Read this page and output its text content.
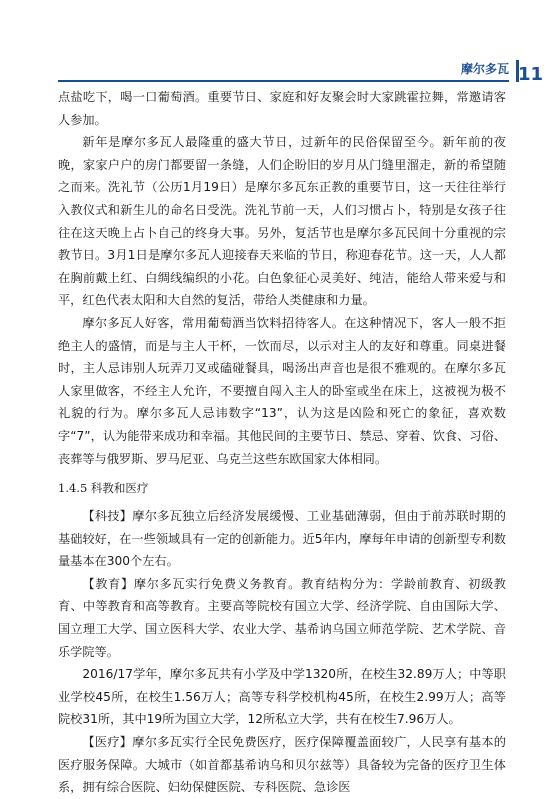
摩尔多瓦 11

点盐吃下，喝一口葡萄酒。重要节日、家庭和好友聚会时大家跳霍拉舞，常邀请客人参加。

新年是摩尔多瓦人最隆重的盛大节日，过新年的民俗保留至今。新年前的夜晚，家家户户的房门都要留一条缝，人们企盼旧的岁月从门缝里溜走，新的希望随之而来。洗礼节（公历1月19日）是摩尔多瓦东正教的重要节日，这一天往往举行入教仪式和新生儿的命名日受洗。洗礼节前一天，人们习惯占卜，特别是女孩子往往在这天晚上占卜自己的终身大事。另外，复活节也是摩尔多瓦民间十分重视的宗教节日。3月1日是摩尔多瓦人迎接春天来临的节日，称迎春花节。这一天，人人都在胸前戴上红、白绸线编织的小花。白色象征心灵美好、纯洁，能给人带来爱与和平，红色代表太阳和大自然的复活，带给人类健康和力量。

摩尔多瓦人好客，常用葡萄酒当饮料招待客人。在这种情况下，客人一般不拒绝主人的盛情，而是与主人干杯，一饮而尽，以示对主人的友好和尊重。同桌进餐时，主人忌讳别人玩弄刀叉或磕碰餐具，喝汤出声音也是很不雅观的。在摩尔多瓦人家里做客，不经主人允许，不要擅自闯入主人的卧室或坐在床上，这被视为极不礼貌的行为。摩尔多瓦人忌讳数字“13”，认为这是凶险和死亡的象征，喜欢数字“7”，认为能带来成功和幸福。其他民间的主要节日、禁忌、穿着、饮食、习俗、丧葬等与俄罗斯、罗马尼亚、乌克兰这些东欧国家大体相同。

1.4.5 科教和医疗

【科技】摩尔多瓦独立后经济发展缓慢、工业基础薄弱，但由于前苏联时期的基础较好，在一些领域具有一定的创新能力。近5年内，摩每年申请的创新型专利数量基本在300个左右。

【教育】摩尔多瓦实行免费义务教育。教育结构分为：学龄前教育、初级教育、中等教育和高等教育。主要高等院校有国立大学、经济学院、自由国际大学、国立理工大学、国立医科大学、农业大学、基希讷乌国立师范学院、艺术学院、音乐学院等。

2016/17学年，摩尔多瓦共有小学及中学1320所，在校生32.89万人；中等职业学校45所，在校生1.56万人；高等专科学校机构45所，在校生2.99万人；高等院校31所，其中19所为国立大学，12所私立大学，共有在校生7.96万人。

【医疗】摩尔多瓦实行全民免费医疗，医疗保障覆盖面较广，人民享有基本的医疗服务保障。大城市（如首都基希讷乌和贝尔兹等）具备较为完备的医疗卫生体系，拥有综合医院、妇幼保健医院、专科医院、急诊医
